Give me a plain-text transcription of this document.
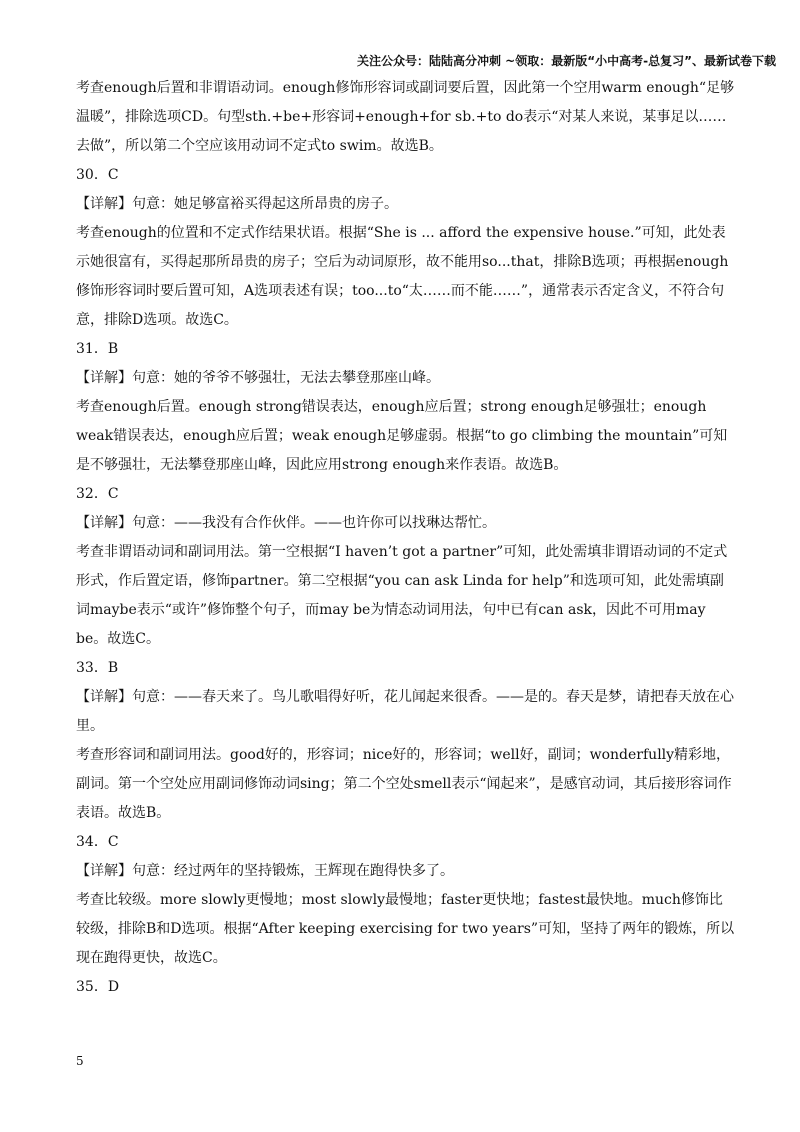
关注公众号：陆陆高分冲刺 ~领取：最新版“小中高考-总复习”、最新试卷下载

考查enough后置和非谓语动词。enough修饰形容词或副词要后置，因此第一个空用warm enough“足够温暖”，排除选项CD。句型sth.+be+形容词+enough+for sb.+to do表示“对某人来说，某事足以……去做”，所以第二个空应该用动词不定式to swim。故选B。

30．C

【详解】句意：她足够富裕买得起这所昂贵的房子。

考查enough的位置和不定式作结果状语。根据“She is ... afford the expensive house.”可知，此处表示她很富有，买得起那所昂贵的房子；空后为动词原形，故不能用so...that，排除B选项；再根据enough修饰形容词时要后置可知，A选项表述有误；too...to“太……而不能……”，通常表示否定含义，不符合句意，排除D选项。故选C。

31．B

【详解】句意：她的爷爷不够强壮，无法去攀登那座山峰。

考查enough后置。enough strong错误表达，enough应后置；strong enough足够强壮；enough weak错误表达，enough应后置；weak enough足够虚弱。根据“to go climbing the mountain”可知是不够强壮，无法攀登那座山峰，因此应用strong enough来作表语。故选B。

32．C

【详解】句意：——我没有合作伙伴。——也许你可以找琳达帮忙。

考查非谓语动词和副词用法。第一空根据“I haven’t got a partner”可知，此处需填非谓语动词的不定式形式，作后置定语，修饰partner。第二空根据“you can ask Linda for help”和选项可知，此处需填副词maybe表示“或许”修饰整个句子，而may be为情态动词用法，句中已有can ask，因此不可用may be。故选C。

33．B

【详解】句意：——春天来了。鸟儿歌唱得好听，花儿闻起来很香。——是的。春天是梦，请把春天放在心里。

考查形容词和副词用法。good好的，形容词；nice好的，形容词；well好，副词；wonderfully精彩地，副词。第一个空处应用副词修饰动词sing；第二个空处smell表示“闻起来”，是感官动词，其后接形容词作表语。故选B。

34．C

【详解】句意：经过两年的坚持锻炼，王辉现在跑得快多了。

考查比较级。more slowly更慢地；most slowly最慢地；faster更快地；fastest最快地。much修饰比较级，排除B和D选项。根据“After keeping exercising for two years”可知，坚持了两年的锻炼，所以现在跑得更快，故选C。

35．D

5
